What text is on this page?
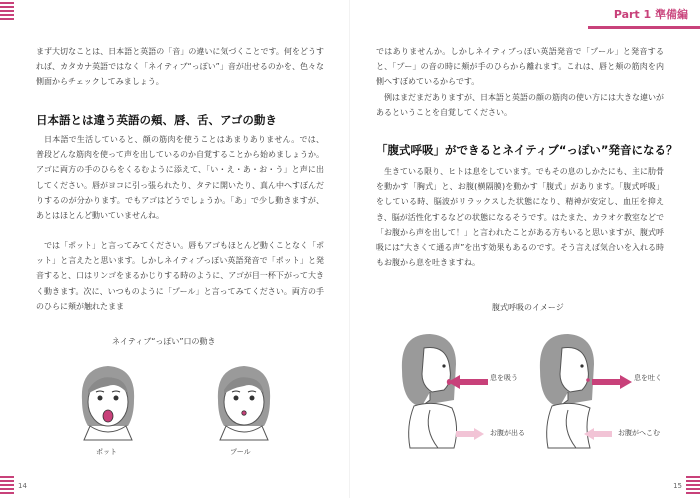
まず大切なことは、日本語と英語の「音」の違いに気づくことです。何をどうすれば、カタカナ英語ではなく「ネイティブ“っぽい”」音が出せるのかを、色々な側面からチェックしてみましょう。
日本語とは違う英語の頬、唇、舌、アゴの動き
日本語で生活していると、顔の筋肉を使うことはあまりありません。では、普段どんな筋肉を使って声を出しているのか自覚することから始めましょうか。アゴに両方の手のひらをくるむように添えて、「い・え・あ・お・う」と声に出してください。唇がヨコに引っ張られたり、タテに開いたり、真ん中へすぼんだりするのが分かります。でもアゴはどうでしょうか。「あ」で少し動きますが、あとはほとんど動いていませんね。
では「ポット」と言ってみてください。唇もアゴもほとんど動くことなく「ポット」と言えたと思います。しかしネイティブっぽい英語発音で「ポット」と発音すると、口はリンゴをまるかじりする時のように、アゴが目一杯下がって大きく動きます。次に、いつものように「プール」と言ってみてください。両方の手のひらに頬が触れたまま
ネイティブ“っぽい”口の動き
ポット	プール
14
Part 1 準備編
ではありませんか。しかしネイティブっぽい英語発音で「プール」と発音すると、「プー」の音の時に頬が手のひらから離れます。これは、唇と頬の筋肉を内側へすぼめているからです。
例はまだまだありますが、日本語と英語の顔の筋肉の使い方には大きな違いがあるということを自覚してください。
「腹式呼吸」ができるとネイティブ“っぽい”発音になる？
生きている限り、ヒトは息をしています。でもその息のしかたにも、主に肋骨を動かす「胸式」と、お腹(横隔膜)を動かす「腹式」があります。「腹式呼吸」をしている時、脳波がリラックスした状態になり、精神が安定し、血圧を抑えき、脳が活性化するなどの状態になるそうです。はたまた、カラオケ教室などで「お腹から声を出して！」と言われたことがある方もいると思いますが、腹式呼吸には“大きくて通る声”を出す効果もあるのです。そう言えば気合いを入れる時もお腹から息を吐きますね。
腹式呼吸のイメージ
息を吸う	息を吐く
お腹が出る	お腹がへこむ
15
